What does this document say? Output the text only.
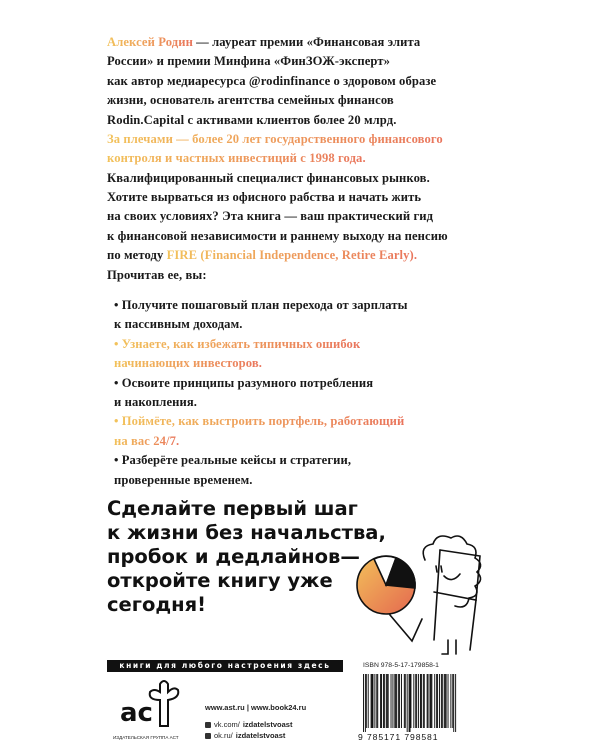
Алексей Родин — лауреат премии «Финансовая элита
России» и премии Минфина «ФинЗОЖ-эксперт»
как автор медиаресурса @rodinfinance о здоровом образе
жизни, основатель агентства семейных финансов
Rodin.Capital с активами клиентов более 20 млрд.
За плечами — более 20 лет государственного финансового
контроля и частных инвестиций с 1998 года.
Квалифицированный специалист финансовых рынков.
Хотите вырваться из офисного рабства и начать жить
на своих условиях? Эта книга — ваш практический гид
к финансовой независимости и раннему выходу на пенсию
по методу FIRE (Financial Independence, Retire Early).
Прочитав ее, вы:
• Получите пошаговый план перехода от зарплаты
к пассивным доходам.
• Узнаете, как избежать типичных ошибок
начинающих инвесторов.
• Освоите принципы разумного потребления
и накопления.
• Поймёте, как выстроить портфель, работающий
на вас 24/7.
• Разберёте реальные кейсы и стратегии,
проверенные временем.
Сделайте первый шаг
к жизни без начальства,
пробок и дедлайнов—
откройте книгу уже
сегодня!
книги для любого настроения здесь
ас
ИЗДАТЕЛЬСКАЯ ГРУППА АСТ
www.ast.ru | www.book24.ru
vk.com/ izdatelstvoast
ok.ru/ izdatelstvoast
ISBN 978-5-17-179858-1
9 785171 798581
